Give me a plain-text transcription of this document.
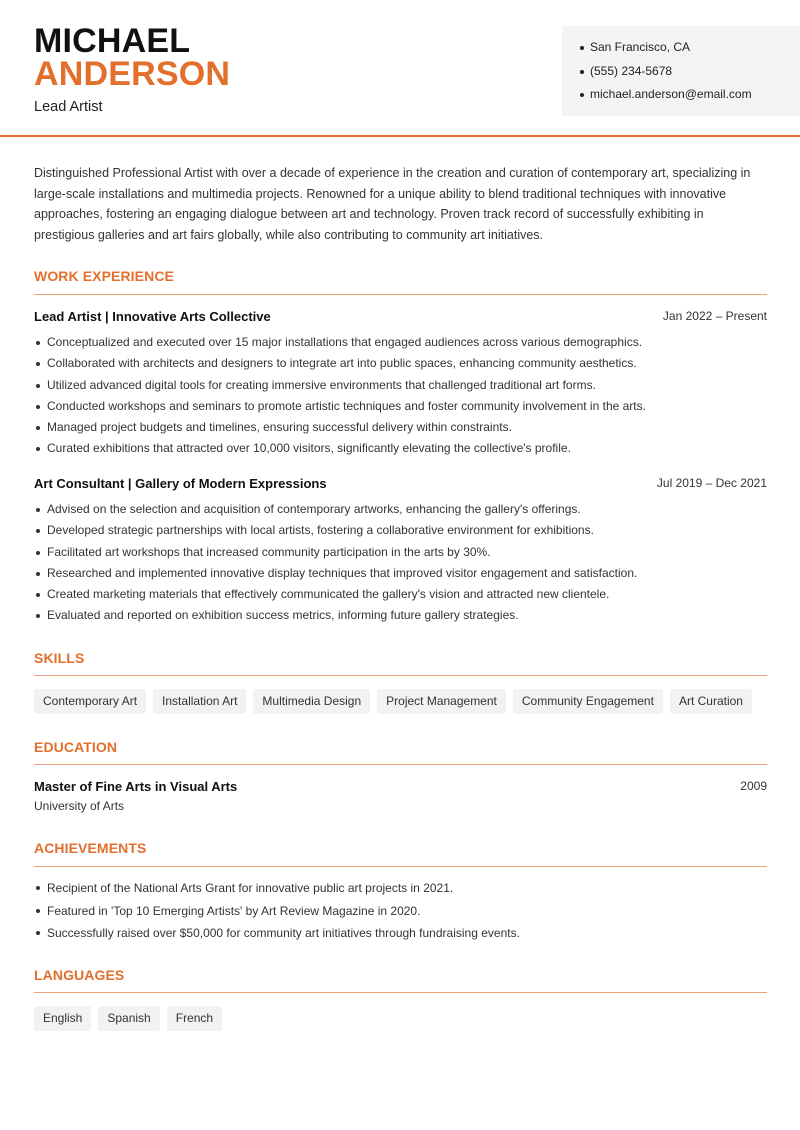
MICHAEL
ANDERSON
Lead Artist
San Francisco, CA
(555) 234-5678
michael.anderson@email.com

Distinguished Professional Artist with over a decade of experience in the creation and curation of contemporary art, specializing in large-scale installations and multimedia projects. Renowned for a unique ability to blend traditional techniques with innovative approaches, fostering an engaging dialogue between art and technology. Proven track record of successfully exhibiting in prestigious galleries and art fairs globally, while also contributing to community art initiatives.

WORK EXPERIENCE
Lead Artist | Innovative Arts Collective	Jan 2022 – Present
Conceptualized and executed over 15 major installations that engaged audiences across various demographics.
Collaborated with architects and designers to integrate art into public spaces, enhancing community aesthetics.
Utilized advanced digital tools for creating immersive environments that challenged traditional art forms.
Conducted workshops and seminars to promote artistic techniques and foster community involvement in the arts.
Managed project budgets and timelines, ensuring successful delivery within constraints.
Curated exhibitions that attracted over 10,000 visitors, significantly elevating the collective's profile.
Art Consultant | Gallery of Modern Expressions	Jul 2019 – Dec 2021
Advised on the selection and acquisition of contemporary artworks, enhancing the gallery's offerings.
Developed strategic partnerships with local artists, fostering a collaborative environment for exhibitions.
Facilitated art workshops that increased community participation in the arts by 30%.
Researched and implemented innovative display techniques that improved visitor engagement and satisfaction.
Created marketing materials that effectively communicated the gallery's vision and attracted new clientele.
Evaluated and reported on exhibition success metrics, informing future gallery strategies.
SKILLS
Contemporary Art	Installation Art	Multimedia Design	Project Management	Community Engagement	Art Curation
EDUCATION
Master of Fine Arts in Visual Arts	2009
University of Arts
ACHIEVEMENTS
Recipient of the National Arts Grant for innovative public art projects in 2021.
Featured in 'Top 10 Emerging Artists' by Art Review Magazine in 2020.
Successfully raised over $50,000 for community art initiatives through fundraising events.
LANGUAGES
English	Spanish	French
